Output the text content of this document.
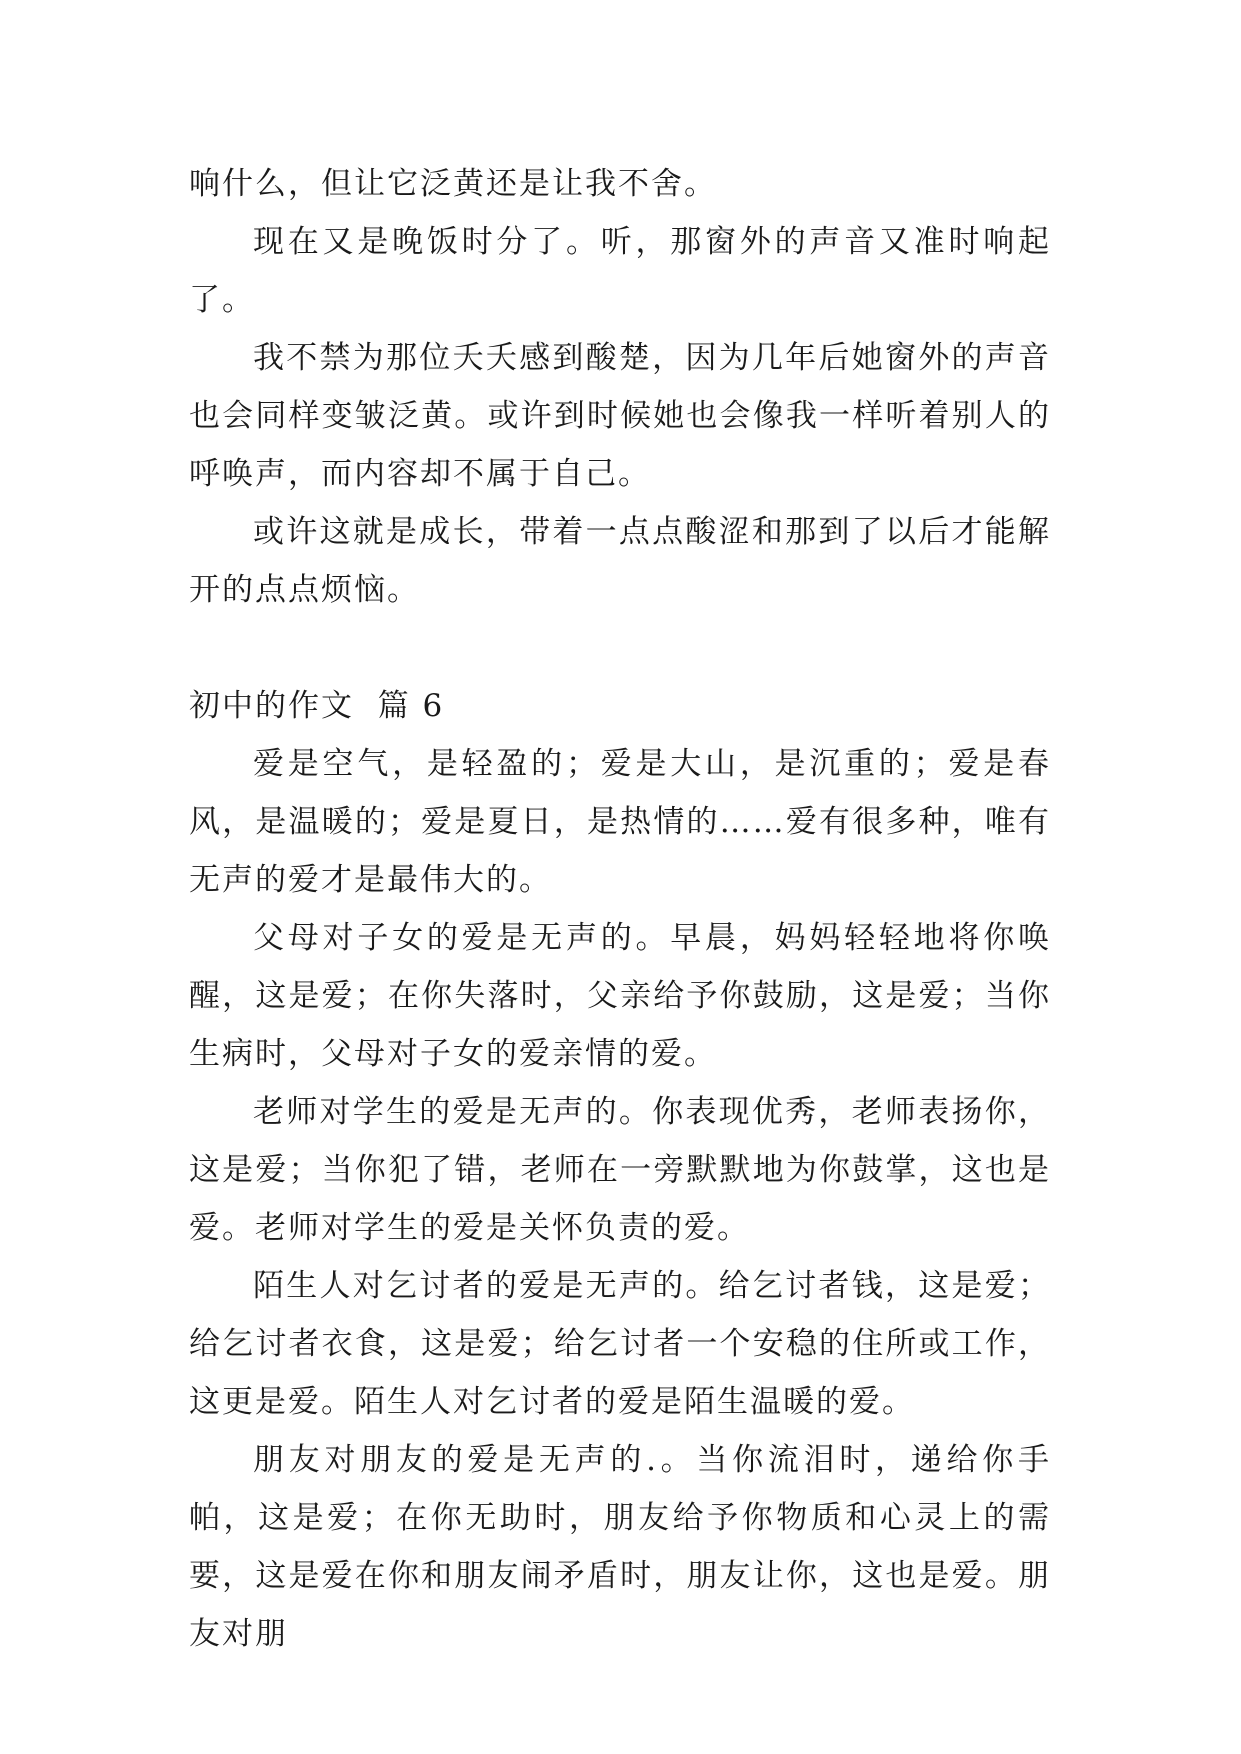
响什么，但让它泛黄还是让我不舍。

现在又是晚饭时分了。听，那窗外的声音又准时响起了。

我不禁为那位夭夭感到酸楚，因为几年后她窗外的声音也会同样变皱泛黄。或许到时候她也会像我一样听着别人的呼唤声，而内容却不属于自己。

或许这就是成长，带着一点点酸涩和那到了以后才能解开的点点烦恼。

初中的作文  篇 6

爱是空气，是轻盈的；爱是大山，是沉重的；爱是春风，是温暖的；爱是夏日，是热情的……爱有很多种，唯有无声的爱才是最伟大的。

父母对子女的爱是无声的。早晨，妈妈轻轻地将你唤醒，这是爱；在你失落时，父亲给予你鼓励，这是爱；当你生病时，父母对子女的爱亲情的爱。

老师对学生的爱是无声的。你表现优秀，老师表扬你，这是爱；当你犯了错，老师在一旁默默地为你鼓掌，这也是爱。老师对学生的爱是关怀负责的爱。

陌生人对乞讨者的爱是无声的。给乞讨者钱，这是爱；给乞讨者衣食，这是爱；给乞讨者一个安稳的住所或工作，这更是爱。陌生人对乞讨者的爱是陌生温暖的爱。

朋友对朋友的爱是无声的.。当你流泪时，递给你手帕，这是爱；在你无助时，朋友给予你物质和心灵上的需要，这是爱在你和朋友闹矛盾时，朋友让你，这也是爱。朋友对朋
